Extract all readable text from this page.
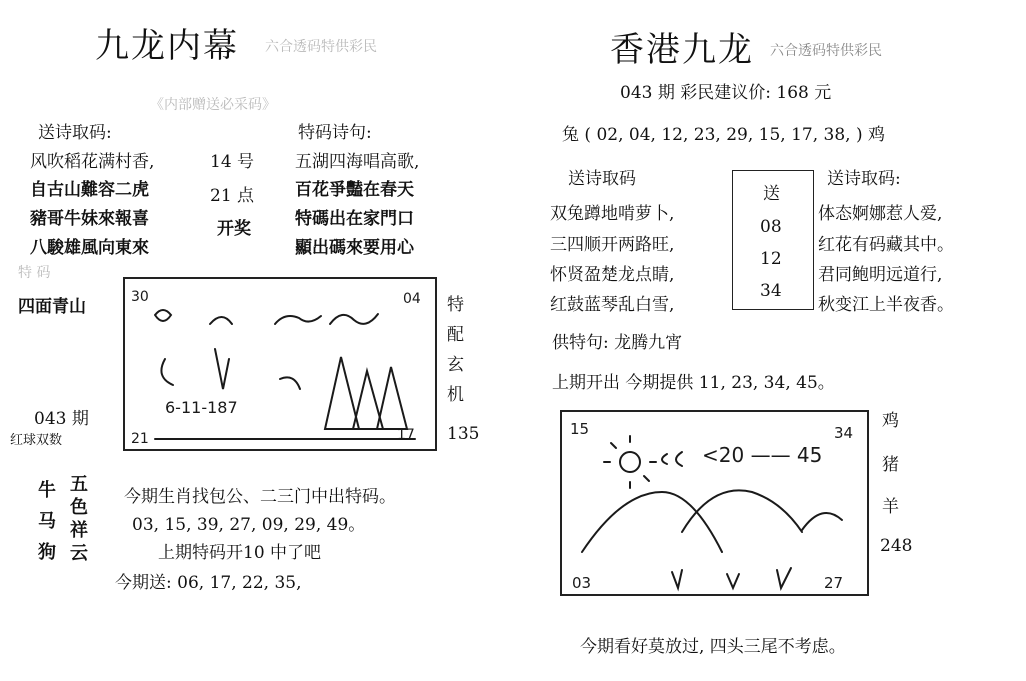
九龙内幕 六合透码特供彩民
《内部赠送必采码》
送诗取码:	特码诗句:
风吹稻花满村香,
自古山難容二虎
豬哥牛妹來報喜
八駿雄風向東來
14 号
21 点
开奖
五湖四海唱高歌,
百花爭豔在春天
特碼出在家門口
顯出碼來要用心
特 码
四面青山	30	04
21	17
6-11-187
特
配
玄
机
135
043 期
红球双数
牛
马
狗
五
色
祥
云
今期生肖找包公、二三门中出特码。
03, 15, 39, 27, 09, 29, 49。
上期特码开10 中了吧
今期送: 06, 17, 22, 35,
香港九龙 六合透码特供彩民
043 期 彩民建议价: 168 元
兔 ( 02, 04, 12, 23, 29, 15, 17, 38, ) 鸡
送诗取码	送诗取码:
双兔蹲地啃萝卜,
三四顺开两路旺,
怀贤盈楚龙点睛,
红鼓蓝琴乱白雪,
送
08
12
34
体态婀娜惹人爱,
红花有码藏其中。
君同鲍明远道行,
秋变江上半夜香。
供特句: 龙腾九宵
上期开出 今期提供 11, 23, 34, 45。
15	34
<20 —— 45
03	27
鸡
猪
羊
248
今期看好莫放过, 四头三尾不考虑。
